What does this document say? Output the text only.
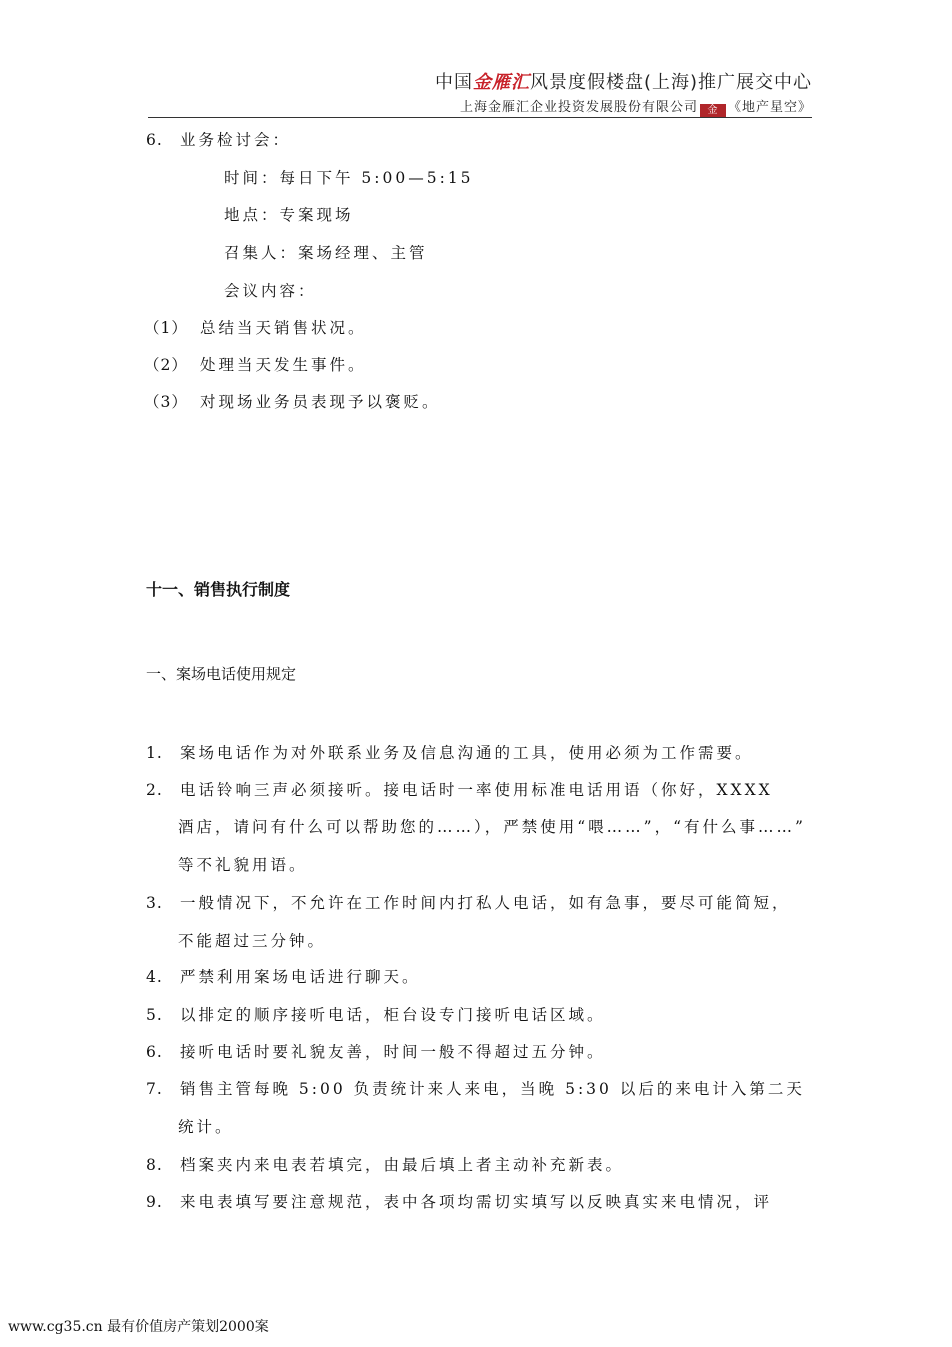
中国金雁汇风景度假楼盘(上海)推广展交中心
上海金雁汇企业投资发展股份有限公司 金 《地产星空》
6. 业务检讨会：
时间：每日下午 5:00—5:15
地点：专案现场
召集人：案场经理、主管
会议内容：
（1） 总结当天销售状况。
（2） 处理当天发生事件。
（3） 对现场业务员表现予以褒贬。
十一、销售执行制度
一、案场电话使用规定
1. 案场电话作为对外联系业务及信息沟通的工具，使用必须为工作需要。
2. 电话铃响三声必须接听。接电话时一率使用标准电话用语（你好，XXXX
酒店，请问有什么可以帮助您的……），严禁使用“喂……”，“有什么事……”
等不礼貌用语。
3. 一般情况下，不允许在工作时间内打私人电话，如有急事，要尽可能简短，
不能超过三分钟。
4. 严禁利用案场电话进行聊天。
5. 以排定的顺序接听电话，柜台设专门接听电话区域。
6. 接听电话时要礼貌友善，时间一般不得超过五分钟。
7. 销售主管每晚 5:00 负责统计来人来电，当晚 5:30 以后的来电计入第二天
统计。
8. 档案夹内来电表若填完，由最后填上者主动补充新表。
9. 来电表填写要注意规范，表中各项均需切实填写以反映真实来电情况，评
www.cg35.cn 最有价值房产策划2000案
